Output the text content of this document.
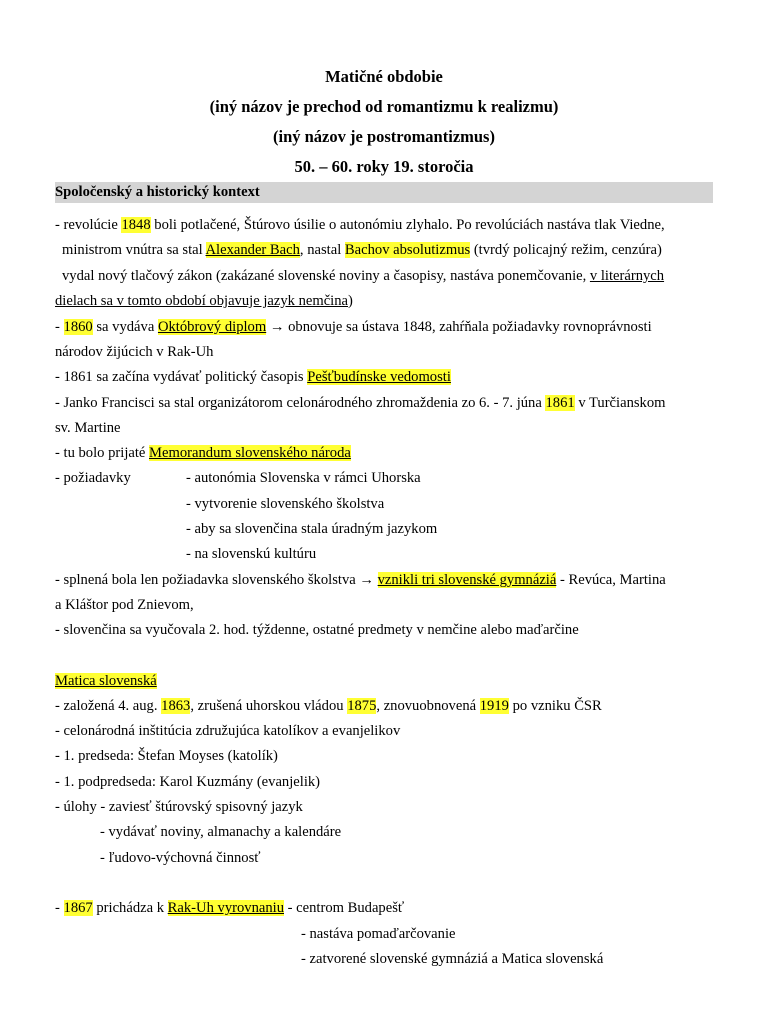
Matičné obdobie
(iný názov je prechod od romantizmu k realizmu)
(iný názov je postromantizmus)
50. – 60. roky 19. storočia
Spoločenský a historický kontext
- revolúcie 1848 boli potlačené, Štúrovo úsilie o autonómiu zlyhalo. Po revolúciách nastáva tlak Viedne,
ministrom vnútra sa stal Alexander Bach, nastal Bachov absolutizmus (tvrdý policajný režim, cenzúra)
vydal nový tlačový zákon (zakázané slovenské noviny a časopisy, nastáva ponemčovanie, v literárnych
dielach sa v tomto období objavuje jazyk nemčina)
- 1860 sa vydáva Októbrový diplom → obnovuje sa ústava 1848, zahŕňala požiadavky rovnoprávnosti
národov žijúcich v Rak-Uh
- 1861 sa začína vydávať politický časopis Pešťbudínske vedomosti
- Janko Francisci sa stal organizátorom celonárodného zhromaždenia zo 6. - 7. júna 1861 v Turčianskom
sv. Martine
- tu bolo prijaté Memorandum slovenského národa
- požiadavky	- autonómia Slovenska v rámci Uhorska
- vytvorenie slovenského školstva
- aby sa slovenčina stala úradným jazykom
- na slovenskú kultúru
- splnená bola len požiadavka slovenského školstva → vznikli tri slovenské gymnáziá - Revúca, Martina
a Kláštor pod Znievom,
- slovenčina sa vyučovala 2. hod. týždenne, ostatné predmety v nemčine alebo maďarčine
Matica slovenská
- založená 4. aug. 1863, zrušená uhorskou vládou 1875, znovuobnovená 1919 po vzniku ČSR
- celonárodná inštitúcia združujúca katolíkov a evanjelikov
- 1. predseda: Štefan Moyses (katolík)
- 1. podpredseda: Karol Kuzmány (evanjelik)
- úlohy - zaviesť štúrovský spisovný jazyk
- vydávať noviny, almanachy a kalendáre
- ľudovo-výchovná činnosť
- 1867 prichádza k Rak-Uh vyrovnaniu - centrom Budapešť
- nastáva pomaďarčovanie
- zatvorené slovenské gymnáziá a Matica slovenská
